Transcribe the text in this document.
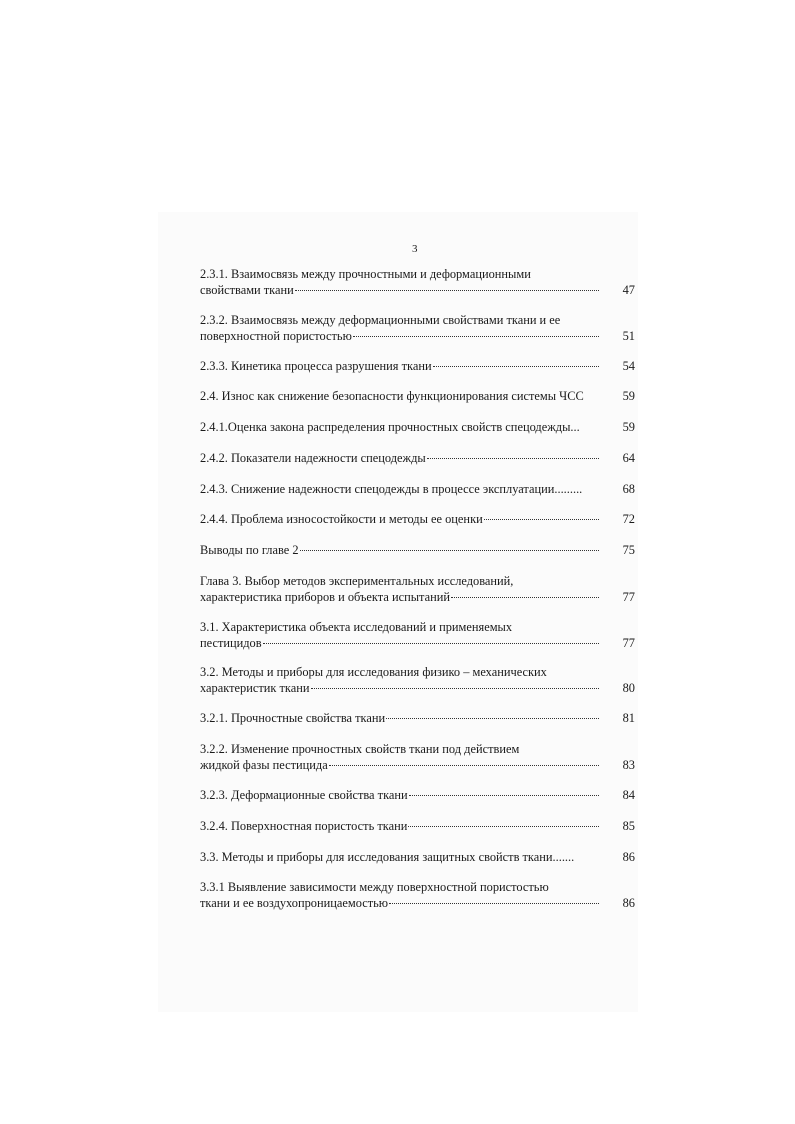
3
2.3.1. Взаимосвязь между прочностными и деформационными
свойствами ткани	47
2.3.2. Взаимосвязь между деформационными свойствами ткани и ее
поверхностной пористостью	51
2.3.3. Кинетика процесса разрушения ткани	54
2.4. Износ как снижение безопасности функционирования системы ЧСС	59
2.4.1.Оценка закона распределения прочностных свойств спецодежды...	59
2.4.2. Показатели надежности спецодежды	64
2.4.3. Снижение надежности спецодежды в процессе эксплуатации.........	68
2.4.4. Проблема износостойкости и методы ее оценки	72
Выводы по главе 2	75
Глава 3. Выбор методов экспериментальных исследований,
характеристика приборов и объекта испытаний	77
3.1. Характеристика объекта исследований и применяемых
пестицидов	77
3.2. Методы и приборы для исследования физико – механических
характеристик ткани	80
3.2.1. Прочностные свойства ткани	81
3.2.2. Изменение прочностных свойств ткани под действием
жидкой фазы пестицида	83
3.2.3. Деформационные свойства ткани	84
3.2.4. Поверхностная пористость ткани	85
3.3. Методы и приборы для исследования защитных свойств ткани.......	86
3.3.1 Выявление зависимости между поверхностной пористостью
ткани и ее воздухопроницаемостью	86
